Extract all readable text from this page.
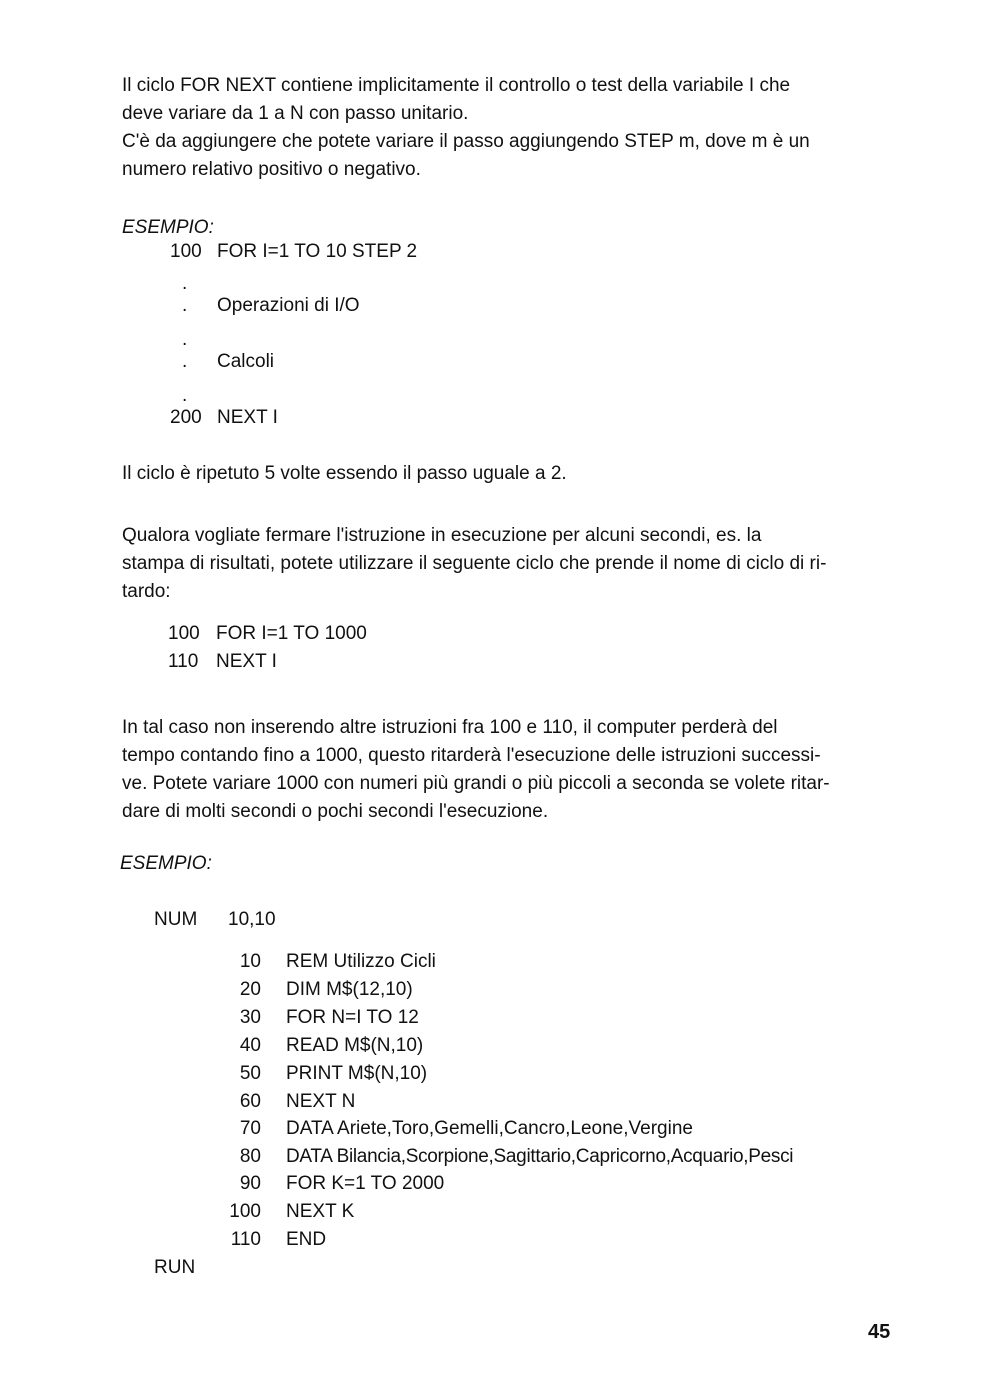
Il ciclo FOR NEXT contiene implicitamente il controllo o test della variabile I che
deve variare da 1 a N con passo unitario.
C'è da aggiungere che potete variare il passo aggiungendo STEP m, dove m è un
numero relativo positivo o negativo.
ESEMPIO:
100 FOR I=1 TO 10 STEP 2
.
. Operazioni di I/O
.
. Calcoli
.
200 NEXT I
Il ciclo è ripetuto 5 volte essendo il passo uguale a 2.
Qualora vogliate fermare l'istruzione in esecuzione per alcuni secondi, es. la
stampa di risultati, potete utilizzare il seguente ciclo che prende il nome di ciclo di ri-
tardo:
100 FOR I=1 TO 1000
110 NEXT I
In tal caso non inserendo altre istruzioni fra 100 e 110, il computer perderà del
tempo contando fino a 1000, questo ritarderà l'esecuzione delle istruzioni successi-
ve. Potete variare 1000 con numeri più grandi o più piccoli a seconda se volete ritar-
dare di molti secondi o pochi secondi l'esecuzione.
ESEMPIO:
NUM 10,10
10 REM Utilizzo Cicli
20 DIM M$(12,10)
30 FOR N=I TO 12
40 READ M$(N,10)
50 PRINT M$(N,10)
60 NEXT N
70 DATA Ariete,Toro,Gemelli,Cancro,Leone,Vergine
80 DATA Bilancia,Scorpione,Sagittario,Capricorno,Acquario,Pesci
90 FOR K=1 TO 2000
100 NEXT K
110 END
RUN
45
